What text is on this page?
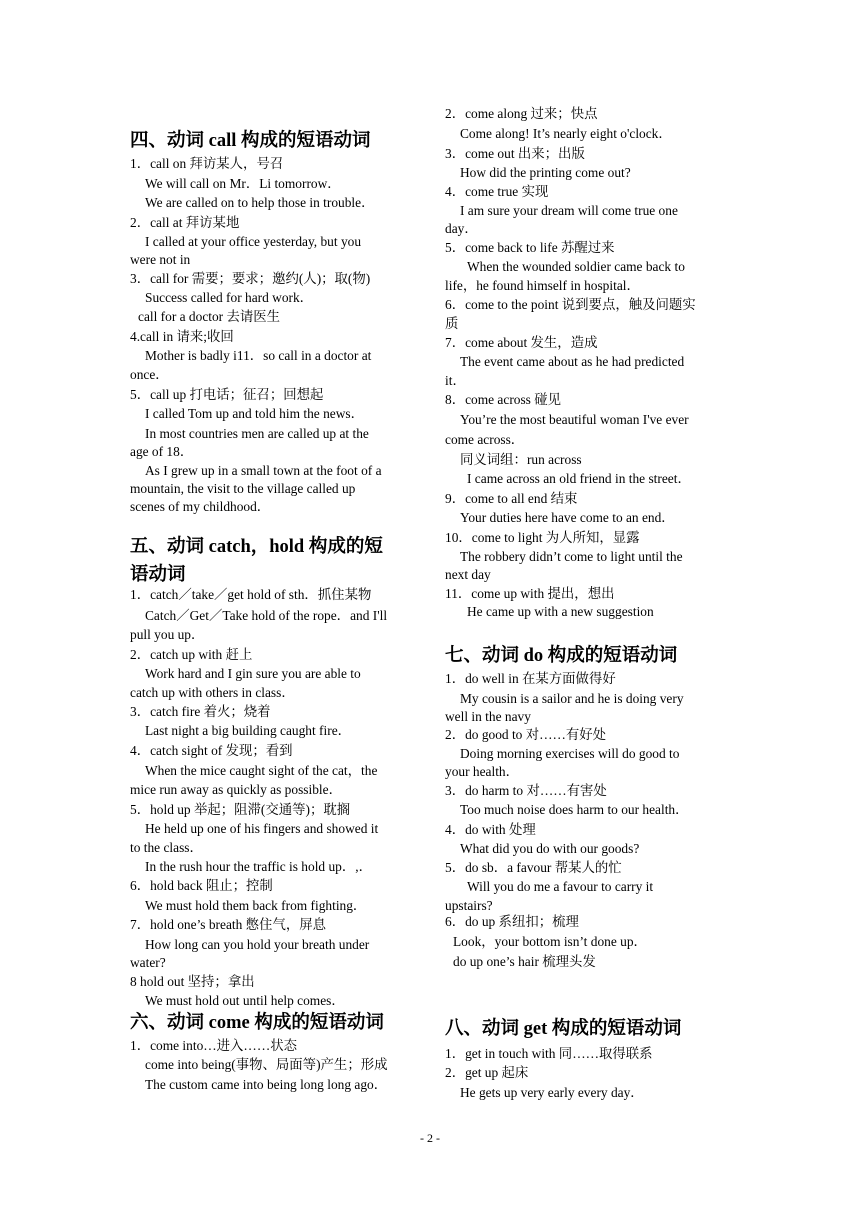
四、动词 call 构成的短语动词
1．call on 拜访某人，号召
We will call on Mr．Li tomorrow．
We are called on to help those in trouble．
2．call at 拜访某地
I called at your office yesterday, but you
were not in
3．call for 需要；要求；邀约(人)；取(物)
Success called for hard work．
call for a doctor 去请医生
4.call in 请来;收回
Mother is badly i11．so call in a doctor at
once．
5．call up 打电话；征召；回想起
I called Tom up and told him the news．
In most countries men are called up at the
age of 18．
As I grew up in a small town at the foot of a
mountain, the visit to the village called up
scenes of my childhood．
五、动词 catch，hold 构成的短
语动词
1．catch／take／get hold of sth．抓住某物
Catch／Get／Take hold of the rope．and I'll
pull you up．
2．catch up with 赶上
Work hard and I gin sure you are able to
catch up with others in class．
3．catch fire 着火；烧着
Last night a big building caught fire．
4．catch sight of 发现；看到
When the mice caught sight of the cat，the
mice run away as quickly as possible．
5．hold up 举起；阻滞(交通等)；耽搁
He held up one of his fingers and showed it
to the class．
In the rush hour the traffic is hold up．,．
6．hold back 阻止；控制
We must hold them back from fighting．
7．hold one’s breath 憋住气，屏息
How long can you hold your breath under
water?
8 hold out 坚持；拿出
We must hold out until help comes．
六、动词 come 构成的短语动词
1．come into…进入……状态
come into being(事物、局面等)产生；形成
The custom came into being long long ago．
2．come along 过来；快点
Come along! It’s nearly eight o'clock．
3．come out 出来；出版
How did the printing come out?
4．come true 实现
I am sure your dream will come true one
day．
5．come back to life 苏醒过来
When the wounded soldier came back to
life，he found himself in hospital．
6．come to the point 说到要点，触及问题实
质
7．come about 发生，造成
The event came about as he had predicted
it．
8．come across 碰见
You’re the most beautiful woman I've ever
come across．
同义词组：run across
I came across an old friend in the street．
9．come to all end 结束
Your duties here have come to an end．
10．come to light 为人所知，显露
The robbery didn’t come to light until the
next day
11．come up with 提出，想出
He came up with a new suggestion
七、动词 do 构成的短语动词
1．do well in 在某方面做得好
My cousin is a sailor and he is doing very
well in the navy
2．do good to 对……有好处
Doing morning exercises will do good to
your health．
3．do harm to 对……有害处
Too much noise does harm to our health．
4．do with 处理
What did you do with our goods?
5．do sb．a favour 帮某人的忙
Will you do me a favour to carry it
upstairs?
6．do up 系纽扣；梳理
Look，your bottom isn’t done up．
do up one’s hair 梳理头发
八、动词 get 构成的短语动词
1．get in touch with 同……取得联系
2．get up 起床
He gets up very early every day．
- 2 -
